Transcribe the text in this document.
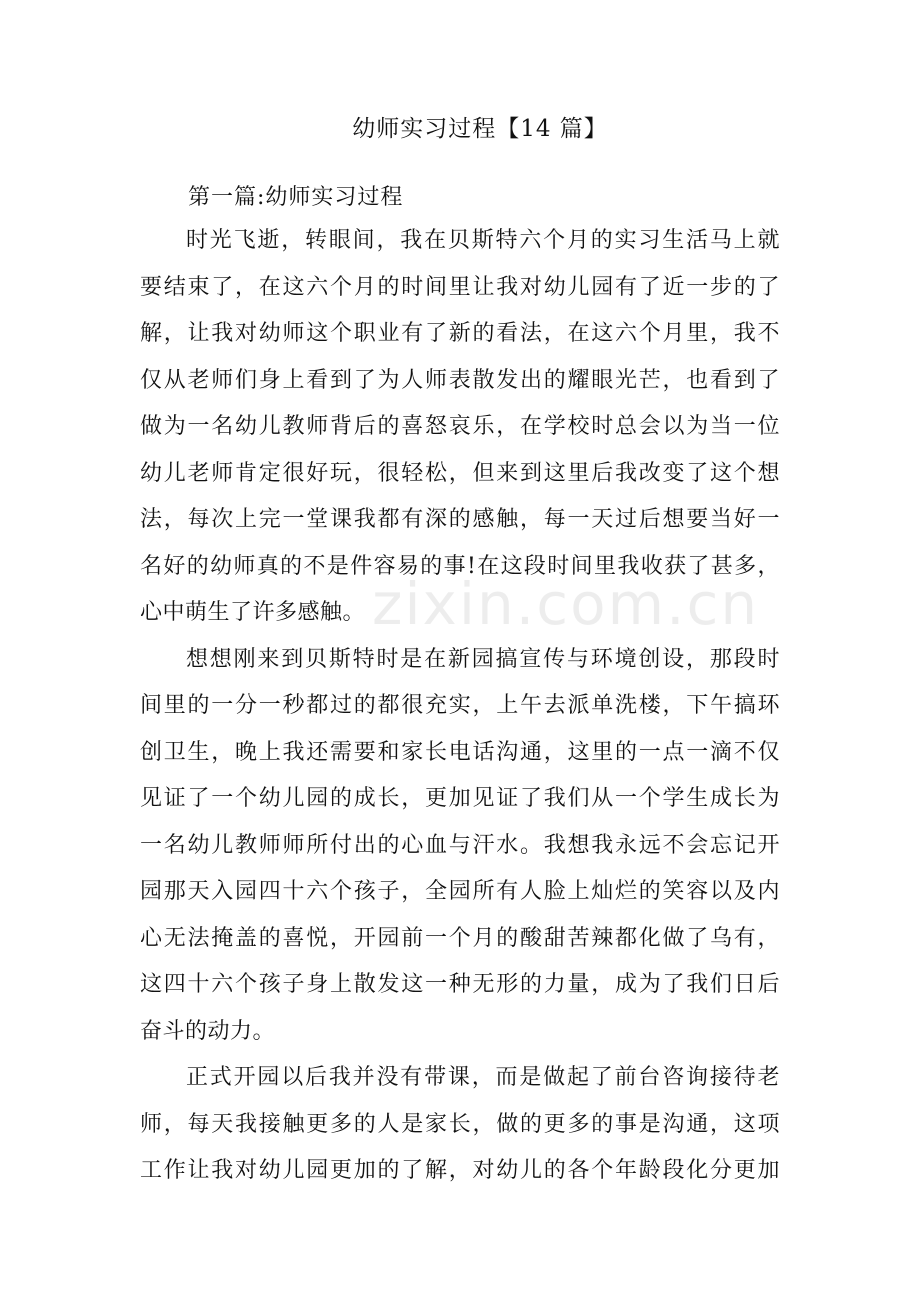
zixin.com.cn
幼师实习过程【14 篇】
第一篇:幼师实习过程
时光飞逝，转眼间，我在贝斯特六个月的实习生活马上就
要结束了，在这六个月的时间里让我对幼儿园有了近一步的了
解，让我对幼师这个职业有了新的看法，在这六个月里，我不
仅从老师们身上看到了为人师表散发出的耀眼光芒，也看到了
做为一名幼儿教师背后的喜怒哀乐，在学校时总会以为当一位
幼儿老师肯定很好玩，很轻松，但来到这里后我改变了这个想
法，每次上完一堂课我都有深的感触，每一天过后想要当好一
名好的幼师真的不是件容易的事!在这段时间里我收获了甚多，
心中萌生了许多感触。
想想刚来到贝斯特时是在新园搞宣传与环境创设，那段时
间里的一分一秒都过的都很充实，上午去派单洗楼，下午搞环
创卫生，晚上我还需要和家长电话沟通，这里的一点一滴不仅
见证了一个幼儿园的成长，更加见证了我们从一个学生成长为
一名幼儿教师师所付出的心血与汗水。我想我永远不会忘记开
园那天入园四十六个孩子，全园所有人脸上灿烂的笑容以及内
心无法掩盖的喜悦，开园前一个月的酸甜苦辣都化做了乌有，
这四十六个孩子身上散发这一种无形的力量，成为了我们日后
奋斗的动力。
正式开园以后我并没有带课，而是做起了前台咨询接待老
师，每天我接触更多的人是家长，做的更多的事是沟通，这项
工作让我对幼儿园更加的了解，对幼儿的各个年龄段化分更加
